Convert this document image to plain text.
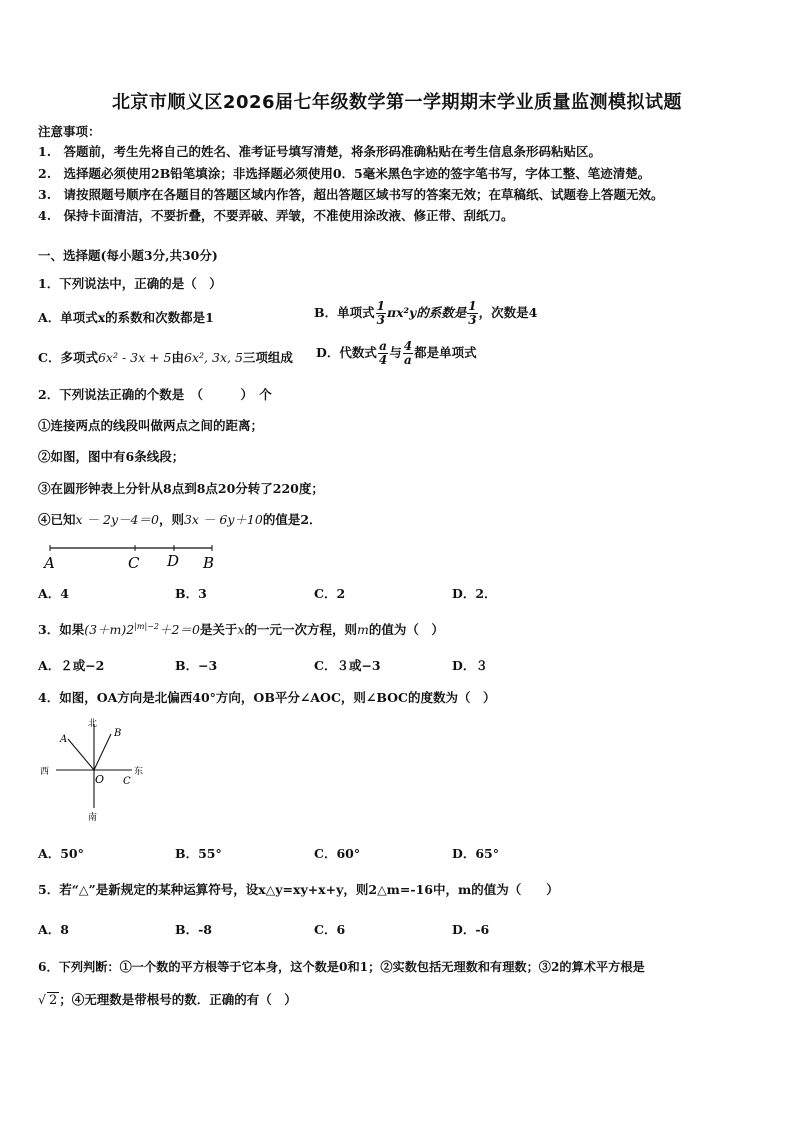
北京市顺义区2026届七年级数学第一学期期末学业质量监测模拟试题
注意事项：
1.　答题前，考生先将自己的姓名、准考证号填写清楚，将条形码准确粘贴在考生信息条形码粘贴区。
2.　选择题必须使用2B铅笔填涂；非选择题必须使用0．5毫米黑色字迹的签字笔书写，字体工整、笔迹清楚。
3.　请按照题号顺序在各题目的答题区域内作答，超出答题区域书写的答案无效；在草稿纸、试题卷上答题无效。
4.　保持卡面清洁，不要折叠，不要弄破、弄皱，不准使用涂改液、修正带、刮纸刀。
一、选择题(每小题3分,共30分)
1．下列说法中，正确的是（　）
A．单项式x的系数和次数都是1	B．单项式 $\frac{1}{3} \pi x^2y$的系数是 $\frac{1}{3}$ ，次数是4
C．多项式6x² - 3x + 5由6x², 3x, 5三项组成 D．代数式 $\frac{a}{4}$ 与 $\frac{4}{a}$ 都是单项式
2．下列说法正确的个数是　（　　　）　个
①连接两点的线段叫做两点之间的距离；
②如图，图中有6条线段；
③在圆形钟表上分针从8点到8点20分转了220度；
④已知x － 2y－4＝0，则3x － 6y＋10的值是2．
A	C D B
A．4	B．3	C．2	D．2．
3．如果$(3+m)2^{|m|-2}+2=0$是关于x的一元一次方程，则m的值为（　）
A．２或−2	B．−3	C．３或−3	D．３
4．如图，OA方向是北偏西40°方向，OB平分∠AOC，则∠BOC的度数为（　）
北
南
西	东
A
B
O C
A．50°	B．55°	C．60°	D．65°
5．若“△”是新规定的某种运算符号，设x△y=xy+x+y，则2△m=-16中，m的值为（　　）
A．8	B．-8	C．6	D．-6
6．下列判断：①一个数的平方根等于它本身，这个数是0和1；②实数包括无理数和有理数；③2的算术平方根是
√ 2 ；④无理数是带根号的数．正确的有（　）
